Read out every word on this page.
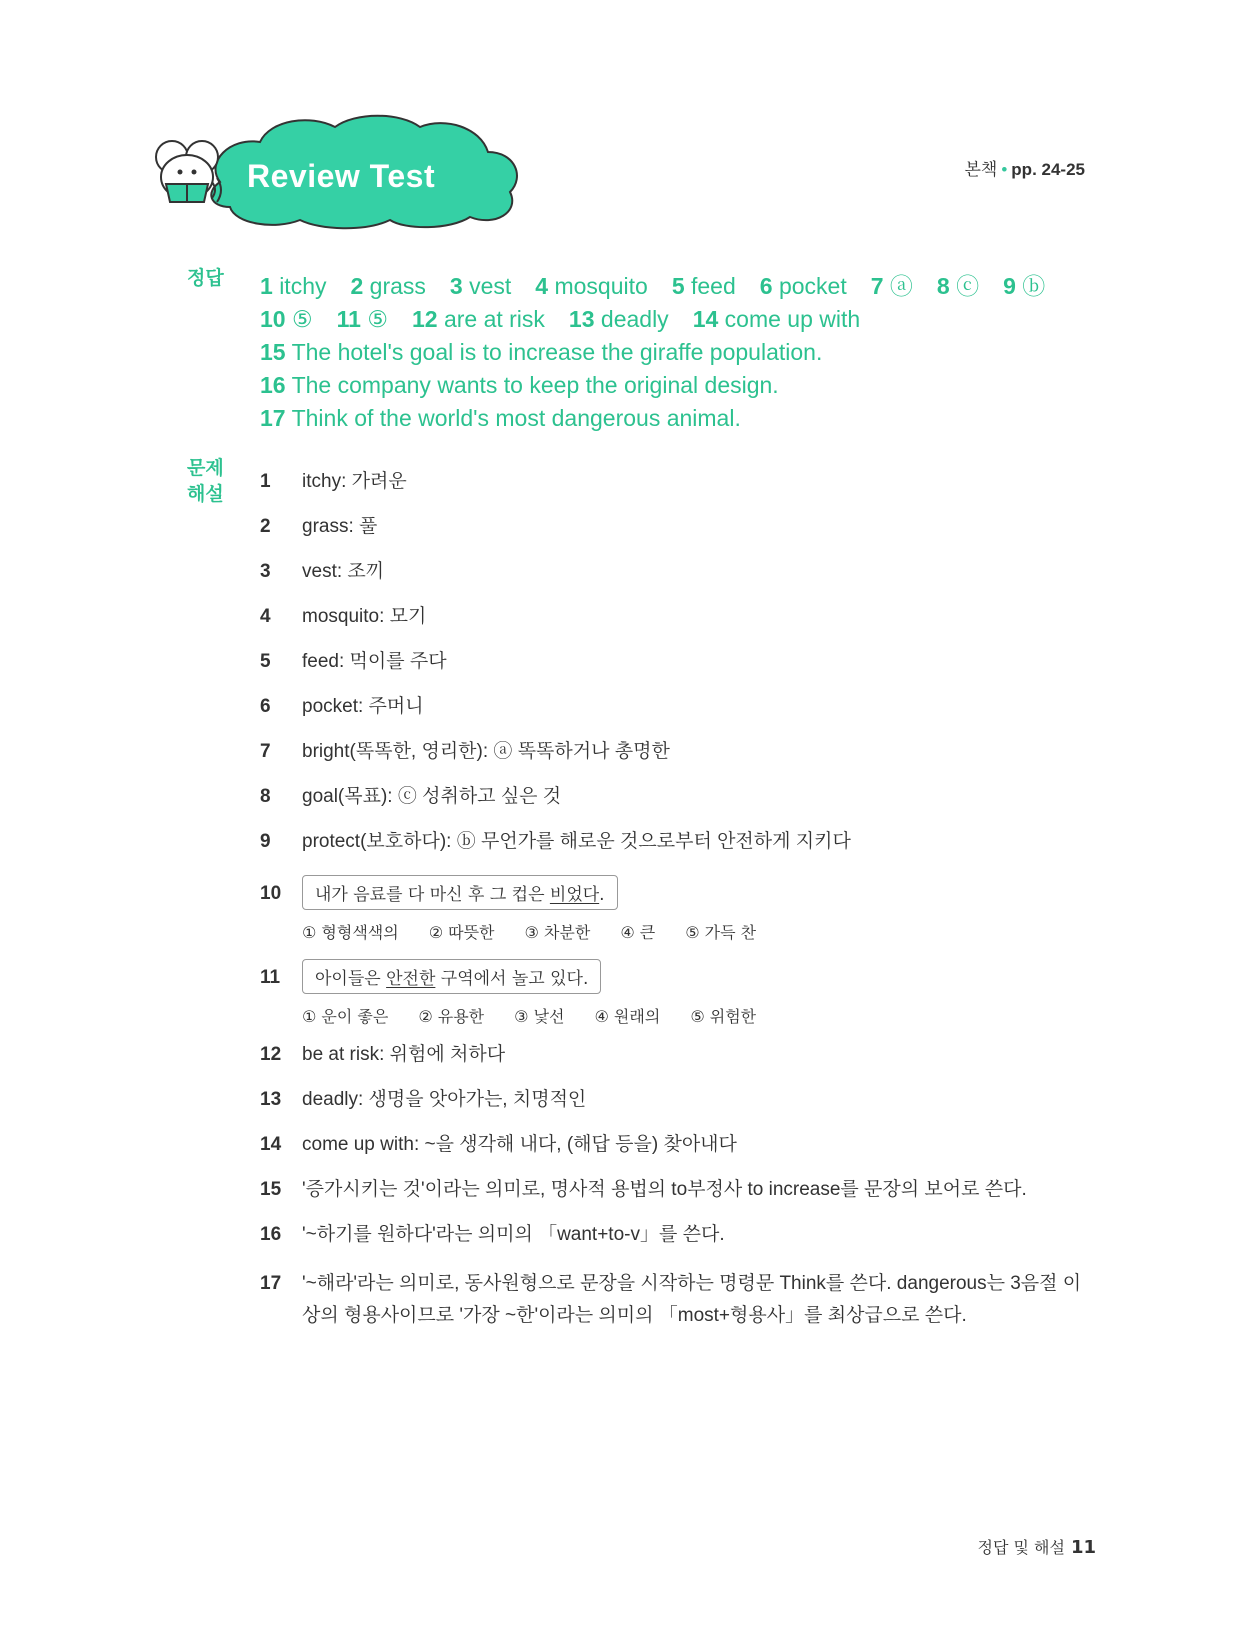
Review Test	본책 • pp. 24-25
정답 1 itchy 2 grass 3 vest 4 mosquito 5 feed 6 pocket 7 ⓐ 8 ⓒ 9 ⓑ
10 ⑤ 11 ⑤ 12 are at risk 13 deadly 14 come up with
15 The hotel's goal is to increase the giraffe population.
16 The company wants to keep the original design.
17 Think of the world's most dangerous animal.
문제
해설
1	itchy: 가려운
2	grass: 풀
3	vest: 조끼
4	mosquito: 모기
5	feed: 먹이를 주다
6	pocket: 주머니
7	bright(똑똑한, 영리한): ⓐ 똑똑하거나 총명한
8	goal(목표): ⓒ 성취하고 싶은 것
9	protect(보호하다): ⓑ 무언가를 해로운 것으로부터 안전하게 지키다
10	내가 음료를 다 마신 후 그 컵은 비었다.
① 형형색색의 ② 따뜻한 ③ 차분한 ④ 큰 ⑤ 가득 찬
11	아이들은 안전한 구역에서 놀고 있다.
① 운이 좋은 ② 유용한 ③ 낯선 ④ 원래의 ⑤ 위험한
12	be at risk: 위험에 처하다
13	deadly: 생명을 앗아가는, 치명적인
14	come up with: ~을 생각해 내다, (해답 등을) 찾아내다
15	'증가시키는 것'이라는 의미로, 명사적 용법의 to부정사 to increase를 문장의 보어로 쓴다.
16	'~하기를 원하다'라는 의미의 「want+to-v」를 쓴다.
17	'~해라'라는 의미로, 동사원형으로 문장을 시작하는 명령문 Think를 쓴다. dangerous는 3음절 이상의 형용사이므로 '가장 ~한'이라는 의미의 「most+형용사」를 최상급으로 쓴다.
정답 및 해설 11
